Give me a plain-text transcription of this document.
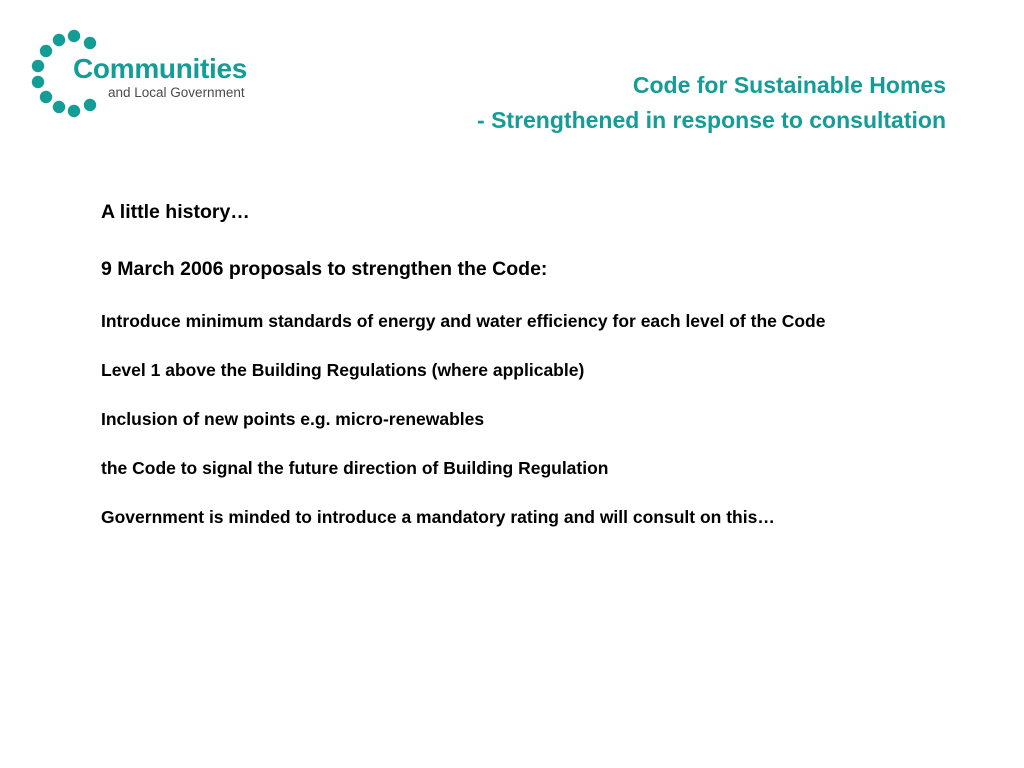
Communities
and Local Government	Code for Sustainable Homes
- Strengthened in response to consultation

A little history…

9 March 2006 proposals to strengthen the Code:

Introduce minimum standards of energy and water efficiency for each level of the Code
Level 1 above the Building Regulations (where applicable)
Inclusion of new points e.g. micro-renewables
the Code to signal the future direction of Building Regulation
Government is minded to introduce a mandatory rating and will consult on this…
